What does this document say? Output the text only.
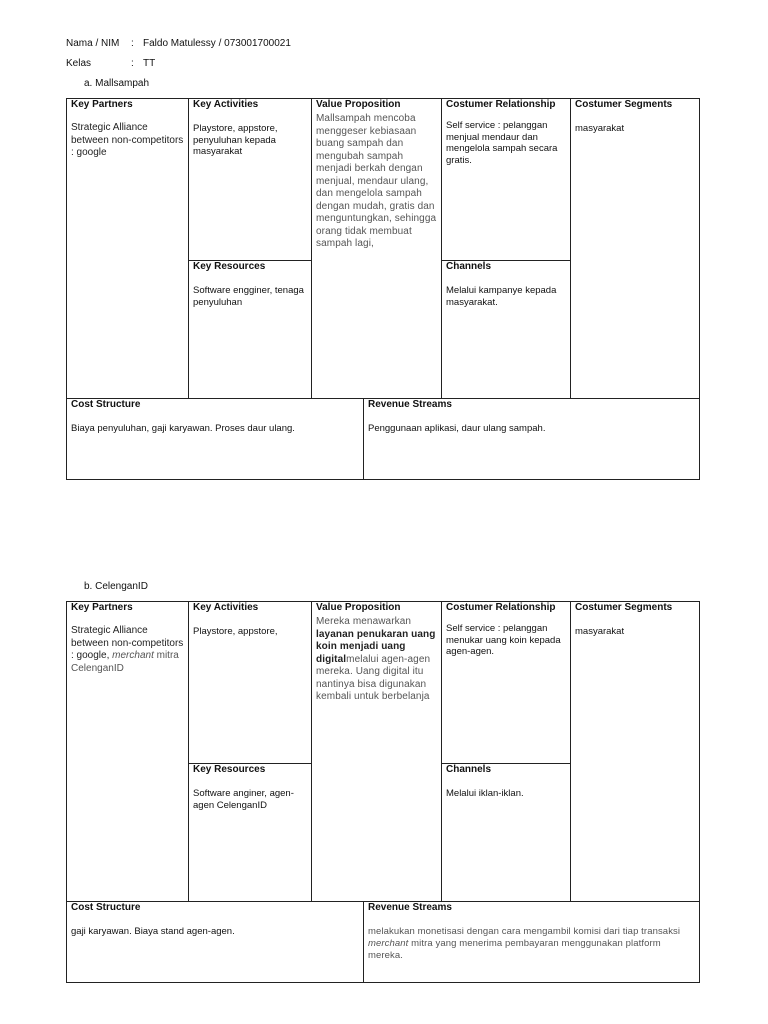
Nama / NIM : Faldo Matulessy / 073001700021
Kelas	: TT
a. Mallsampah
Key Partners
Strategic Alliance between non-competitors : google
Key Activities
Playstore, appstore, penyuluhan kepada masyarakat
Key Resources
Software engginer, tenaga penyuluhan
Value Proposition
Mallsampah mencoba menggeser kebiasaan buang sampah dan mengubah sampah menjadi berkah dengan menjual, mendaur ulang, dan mengelola sampah dengan mudah, gratis dan menguntungkan, sehingga orang tidak membuat sampah lagi,
Costumer Relationship
Self service : pelanggan menjual mendaur dan mengelola sampah secara gratis.
Channels
Melalui kampanye kepada masyarakat.
Costumer Segments
masyarakat
Cost Structure
Biaya penyuluhan, gaji karyawan. Proses daur ulang.
Revenue Streams
Penggunaan aplikasi, daur ulang sampah.
b. CelenganID
Key Partners
Strategic Alliance between non-competitors : google, merchant mitra CelenganID
Key Activities
Playstore, appstore,
Key Resources
Software anginer, agen-agen CelenganID
Value Proposition
Mereka menawarkan layanan penukaran uang koin menjadi uang digitalmelalui agen-agen mereka. Uang digital itu nantinya bisa digunakan kembali untuk berbelanja
Costumer Relationship
Self service : pelanggan menukar uang koin kepada agen-agen.
Channels
Melalui iklan-iklan.
Costumer Segments
masyarakat
Cost Structure
gaji karyawan. Biaya stand agen-agen.
Revenue Streams
melakukan monetisasi dengan cara mengambil komisi dari tiap transaksi merchant mitra yang menerima pembayaran menggunakan platform mereka.
